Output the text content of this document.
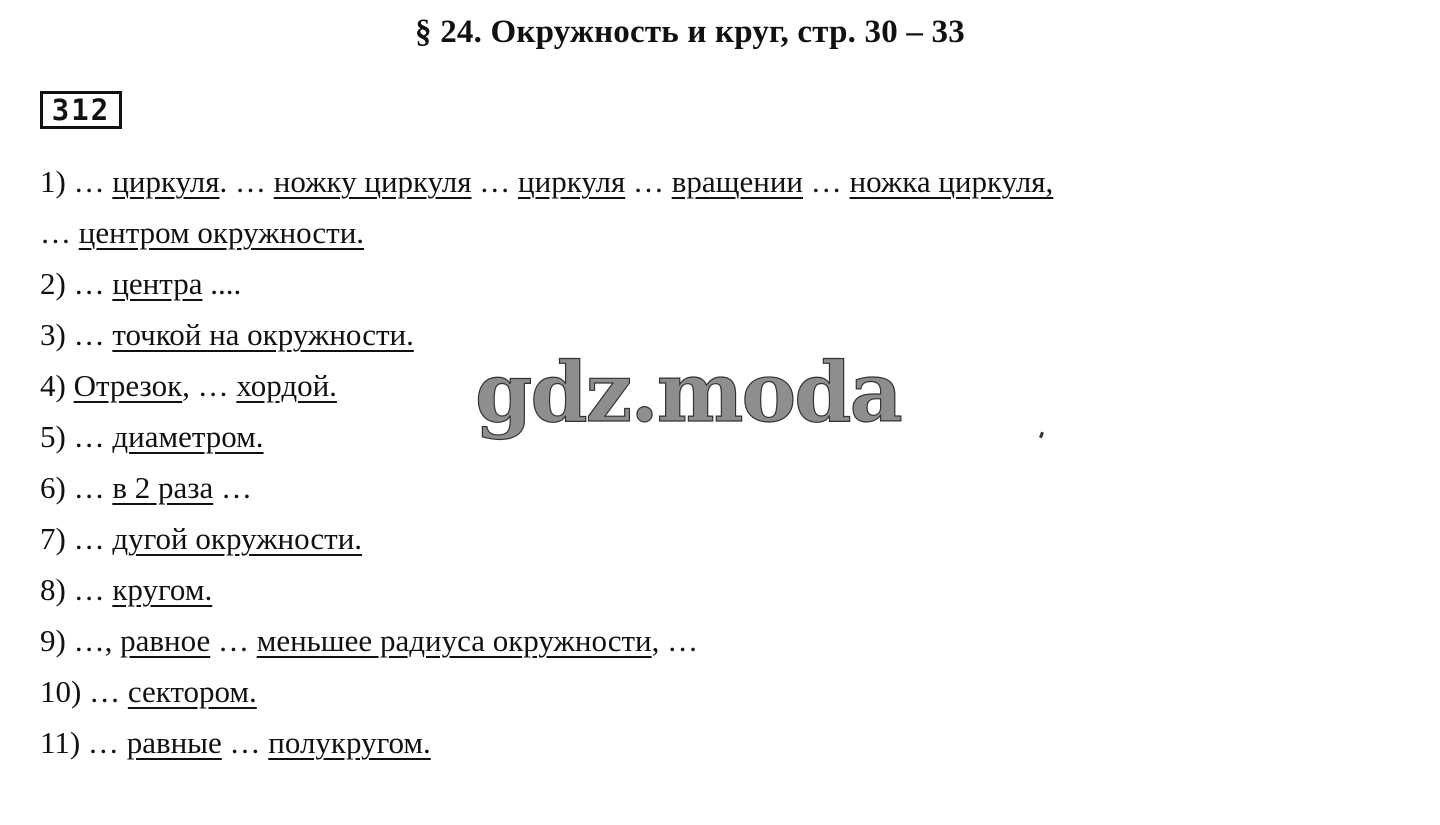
§ 24. Окружность и круг, стр. 30 – 33
312
1) … циркуля. … ножку циркуля … циркуля … вращении … ножка циркуля,
… центром окружности.
2) … центра ....
3) … точкой на окружности.
4) Отрезок, … хордой.
5) … диаметром.
6) … в 2 раза …
7) … дугой окружности.
8) … кругом.
9) …, равное … меньшее радиуса окружности, …
10) … сектором.
11) … равные … полукругом.
gdz.moda
